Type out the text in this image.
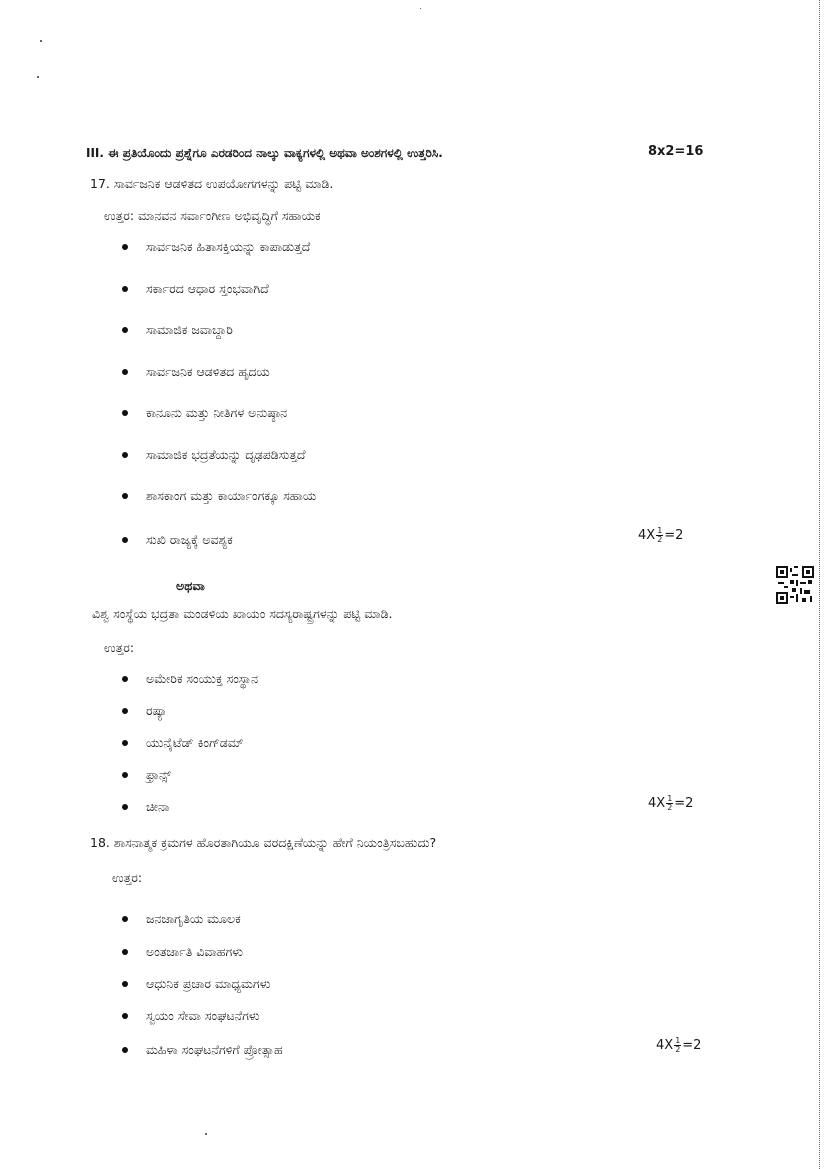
III. ಈ ಪ್ರತಿಯೊಂದು ಪ್ರಶ್ನೆಗೂ ಎರಡರಿಂದ ನಾಲ್ಕು ವಾಕ್ಯಗಳಲ್ಲಿ ಅಥವಾ ಅಂಶಗಳಲ್ಲಿ ಉತ್ತರಿಸಿ.	8x2=16
17. ಸಾರ್ವಜನಿಕ ಆಡಳಿತದ ಉಪಯೋಗಗಳನ್ನು ಪಟ್ಟಿ ಮಾಡಿ.
ಉತ್ತರ: ಮಾನವನ ಸರ್ವಾಂಗೀಣ ಅಭಿವೃದ್ಧಿಗೆ ಸಹಾಯಕ
ಸಾರ್ವಜನಿಕ ಹಿತಾಸಕ್ತಿಯನ್ನು ಕಾಪಾಡುತ್ತದೆ
ಸರ್ಕಾರದ ಆಧಾರ ಸ್ತಂಭವಾಗಿದೆ
ಸಾಮಾಜಿಕ ಜವಾಬ್ದಾರಿ
ಸಾರ್ವಜನಿಕ ಆಡಳಿತದ ಹೃದಯ
ಕಾನೂನು ಮತ್ತು ನೀತಿಗಳ ಅನುಷ್ಠಾನ
ಸಾಮಾಜಿಕ ಭದ್ರತೆಯನ್ನು ದೃಢಪಡಿಸುತ್ತದೆ
ಶಾಸಕಾಂಗ ಮತ್ತು ಕಾರ್ಯಾಂಗಕ್ಕೂ ಸಹಾಯ
ಸುಖಿ ರಾಜ್ಯಕ್ಕೆ ಅವಶ್ಯಕ	$4X \frac{1}{2} =2$
ಅಥವಾ
ವಿಶ್ವ ಸಂಸ್ಥೆಯ ಭದ್ರತಾ ಮಂಡಳಿಯ ಖಾಯಂ ಸದಸ್ಯರಾಷ್ಟ್ರಗಳನ್ನು ಪಟ್ಟಿ ಮಾಡಿ.
ಉತ್ತರ:
ಅಮೇರಿಕ ಸಂಯುಕ್ತ ಸಂಸ್ಥಾನ
ರಷ್ಯಾ
ಯುನೈಟೆಡ್ ಕಿಂಗ್‌ಡಮ್
ಫ್ರಾನ್ಸ್
ಚೀನಾ	$4X \frac{1}{2} =2$
18. ಶಾಸನಾತ್ಮಕ ಕ್ರಮಗಳ ಹೊರತಾಗಿಯೂ ವರದಕ್ಷಿಣೆಯನ್ನು ಹೇಗೆ ನಿಯಂತ್ರಿಸಬಹುದು?
ಉತ್ತರ:
ಜನಜಾಗೃತಿಯ ಮೂಲಕ
ಅಂತರ್ಜಾತಿ ವಿವಾಹಗಳು
ಆಧುನಿಕ ಪ್ರಚಾರ ಮಾಧ್ಯಮಗಳು
ಸ್ವಯಂ ಸೇವಾ ಸಂಘಟನೆಗಳು
ಮಹಿಳಾ ಸಂಘಟನೆಗಳಿಗೆ ಪ್ರೋತ್ಸಾಹ	$4X \frac{1}{2} =2$
